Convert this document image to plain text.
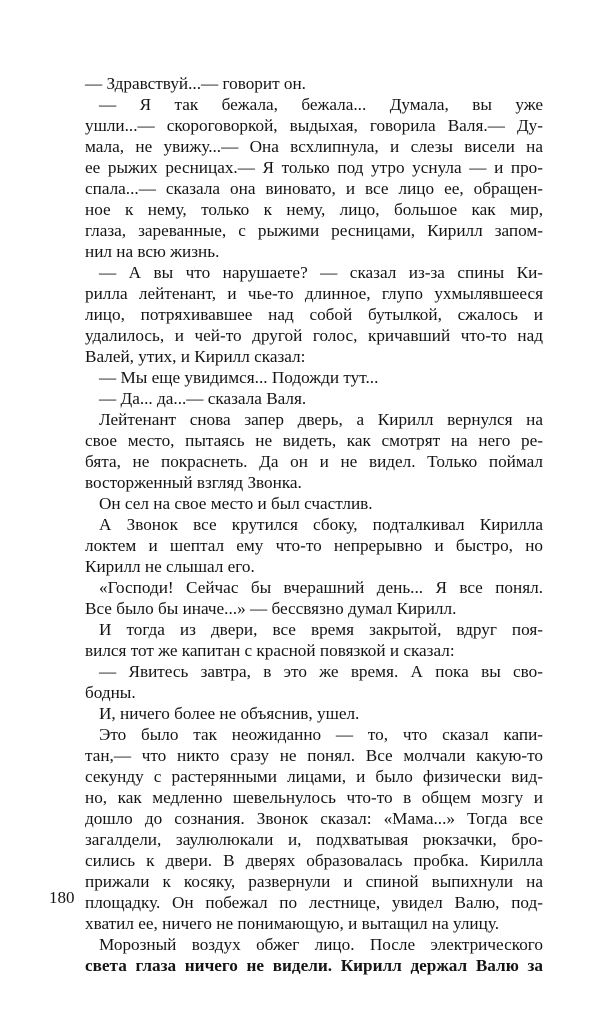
— Здравствуй...— говорит он.
— Я так бежала, бежала... Думала, вы уже
ушли...— скороговоркой, выдыхая, говорила Валя.— Ду-
мала, не увижу...— Она всхлипнула, и слезы висели на
ее рыжих ресницах.— Я только под утро уснула — и про-
спала...— сказала она виновато, и все лицо ее, обращен-
ное к нему, только к нему, лицо, большое как мир,
глаза, зареванные, с рыжими ресницами, Кирилл запом-
нил на всю жизнь.
— А вы что нарушаете? — сказал из-за спины Ки-
рилла лейтенант, и чье-то длинное, глупо ухмылявшееся
лицо, потряхивавшее над собой бутылкой, сжалось и
удалилось, и чей-то другой голос, кричавший что-то над
Валей, утих, и Кирилл сказал:
— Мы еще увидимся... Подожди тут...
— Да... да...— сказала Валя.
Лейтенант снова запер дверь, а Кирилл вернулся на
свое место, пытаясь не видеть, как смотрят на него ре-
бята, не покраснеть. Да он и не видел. Только поймал
восторженный взгляд Звонка.
Он сел на свое место и был счастлив.
А Звонок все крутился сбоку, подталкивал Кирилла
локтем и шептал ему что-то непрерывно и быстро, но
Кирилл не слышал его.
«Господи! Сейчас бы вчерашний день... Я все понял.
Все было бы иначе...» — бессвязно думал Кирилл.
И тогда из двери, все время закрытой, вдруг поя-
вился тот же капитан с красной повязкой и сказал:
— Явитесь завтра, в это же время. А пока вы сво-
бодны.
И, ничего более не объяснив, ушел.
Это было так неожиданно — то, что сказал капи-
тан,— что никто сразу не понял. Все молчали какую-то
секунду с растерянными лицами, и было физически вид-
но, как медленно шевельнулось что-то в общем мозгу и
дошло до сознания. Звонок сказал: «Мама...» Тогда все
загалдели, заулюлюкали и, подхватывая рюкзачки, бро-
сились к двери. В дверях образовалась пробка. Кирилла
прижали к косяку, развернули и спиной выпихнули на
площадку. Он побежал по лестнице, увидел Валю, под-
хватил ее, ничего не понимающую, и вытащил на улицу.
Морозный воздух обжег лицо. После электрического
света глаза ничего не видели. Кирилл держал Валю за
180
